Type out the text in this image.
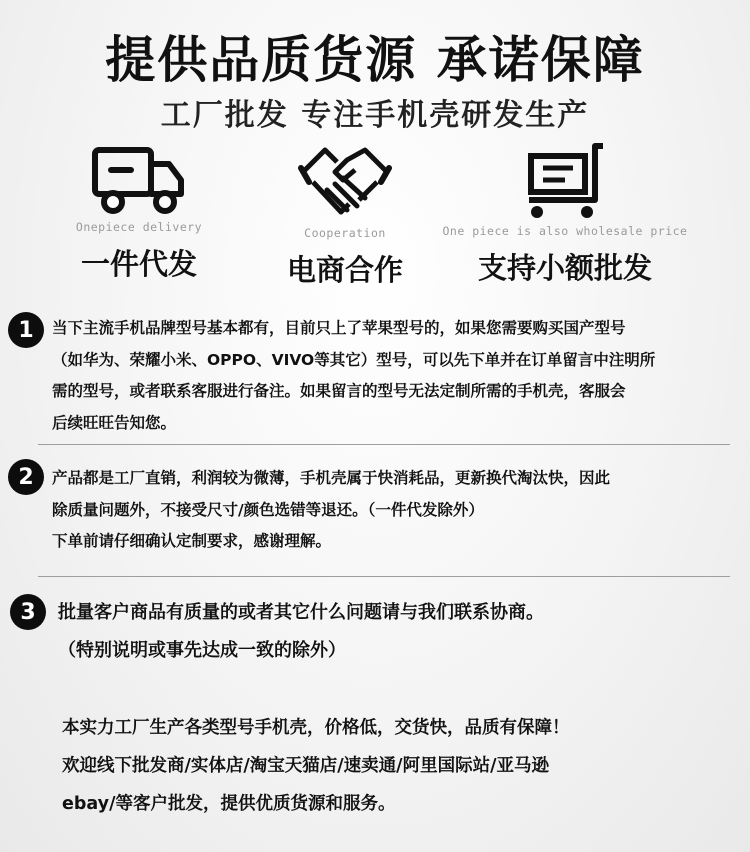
提供品质货源 承诺保障
工厂批发 专注手机壳研发生产
Onepiece delivery
一件代发
Cooperation
电商合作
One piece is also wholesale price
支持小额批发
1	当下主流手机品牌型号基本都有，目前只上了苹果型号的，如果您需要购买国产型号
（如华为、荣耀小米、OPPO、VIVO等其它）型号，可以先下单并在订单留言中注明所
需的型号，或者联系客服进行备注。如果留言的型号无法定制所需的手机壳，客服会
后续旺旺告知您。
2	产品都是工厂直销，利润较为微薄，手机壳属于快消耗品，更新换代淘汰快，因此
除质量问题外，不接受尺寸/颜色选错等退还。（一件代发除外）
下单前请仔细确认定制要求，感谢理解。
3	批量客户商品有质量的或者其它什么问题请与我们联系协商。
（特别说明或事先达成一致的除外）
本实力工厂生产各类型号手机壳，价格低，交货快，品质有保障！
欢迎线下批发商/实体店/淘宝天猫店/速卖通/阿里国际站/亚马逊
ebay/等客户批发，提供优质货源和服务。
